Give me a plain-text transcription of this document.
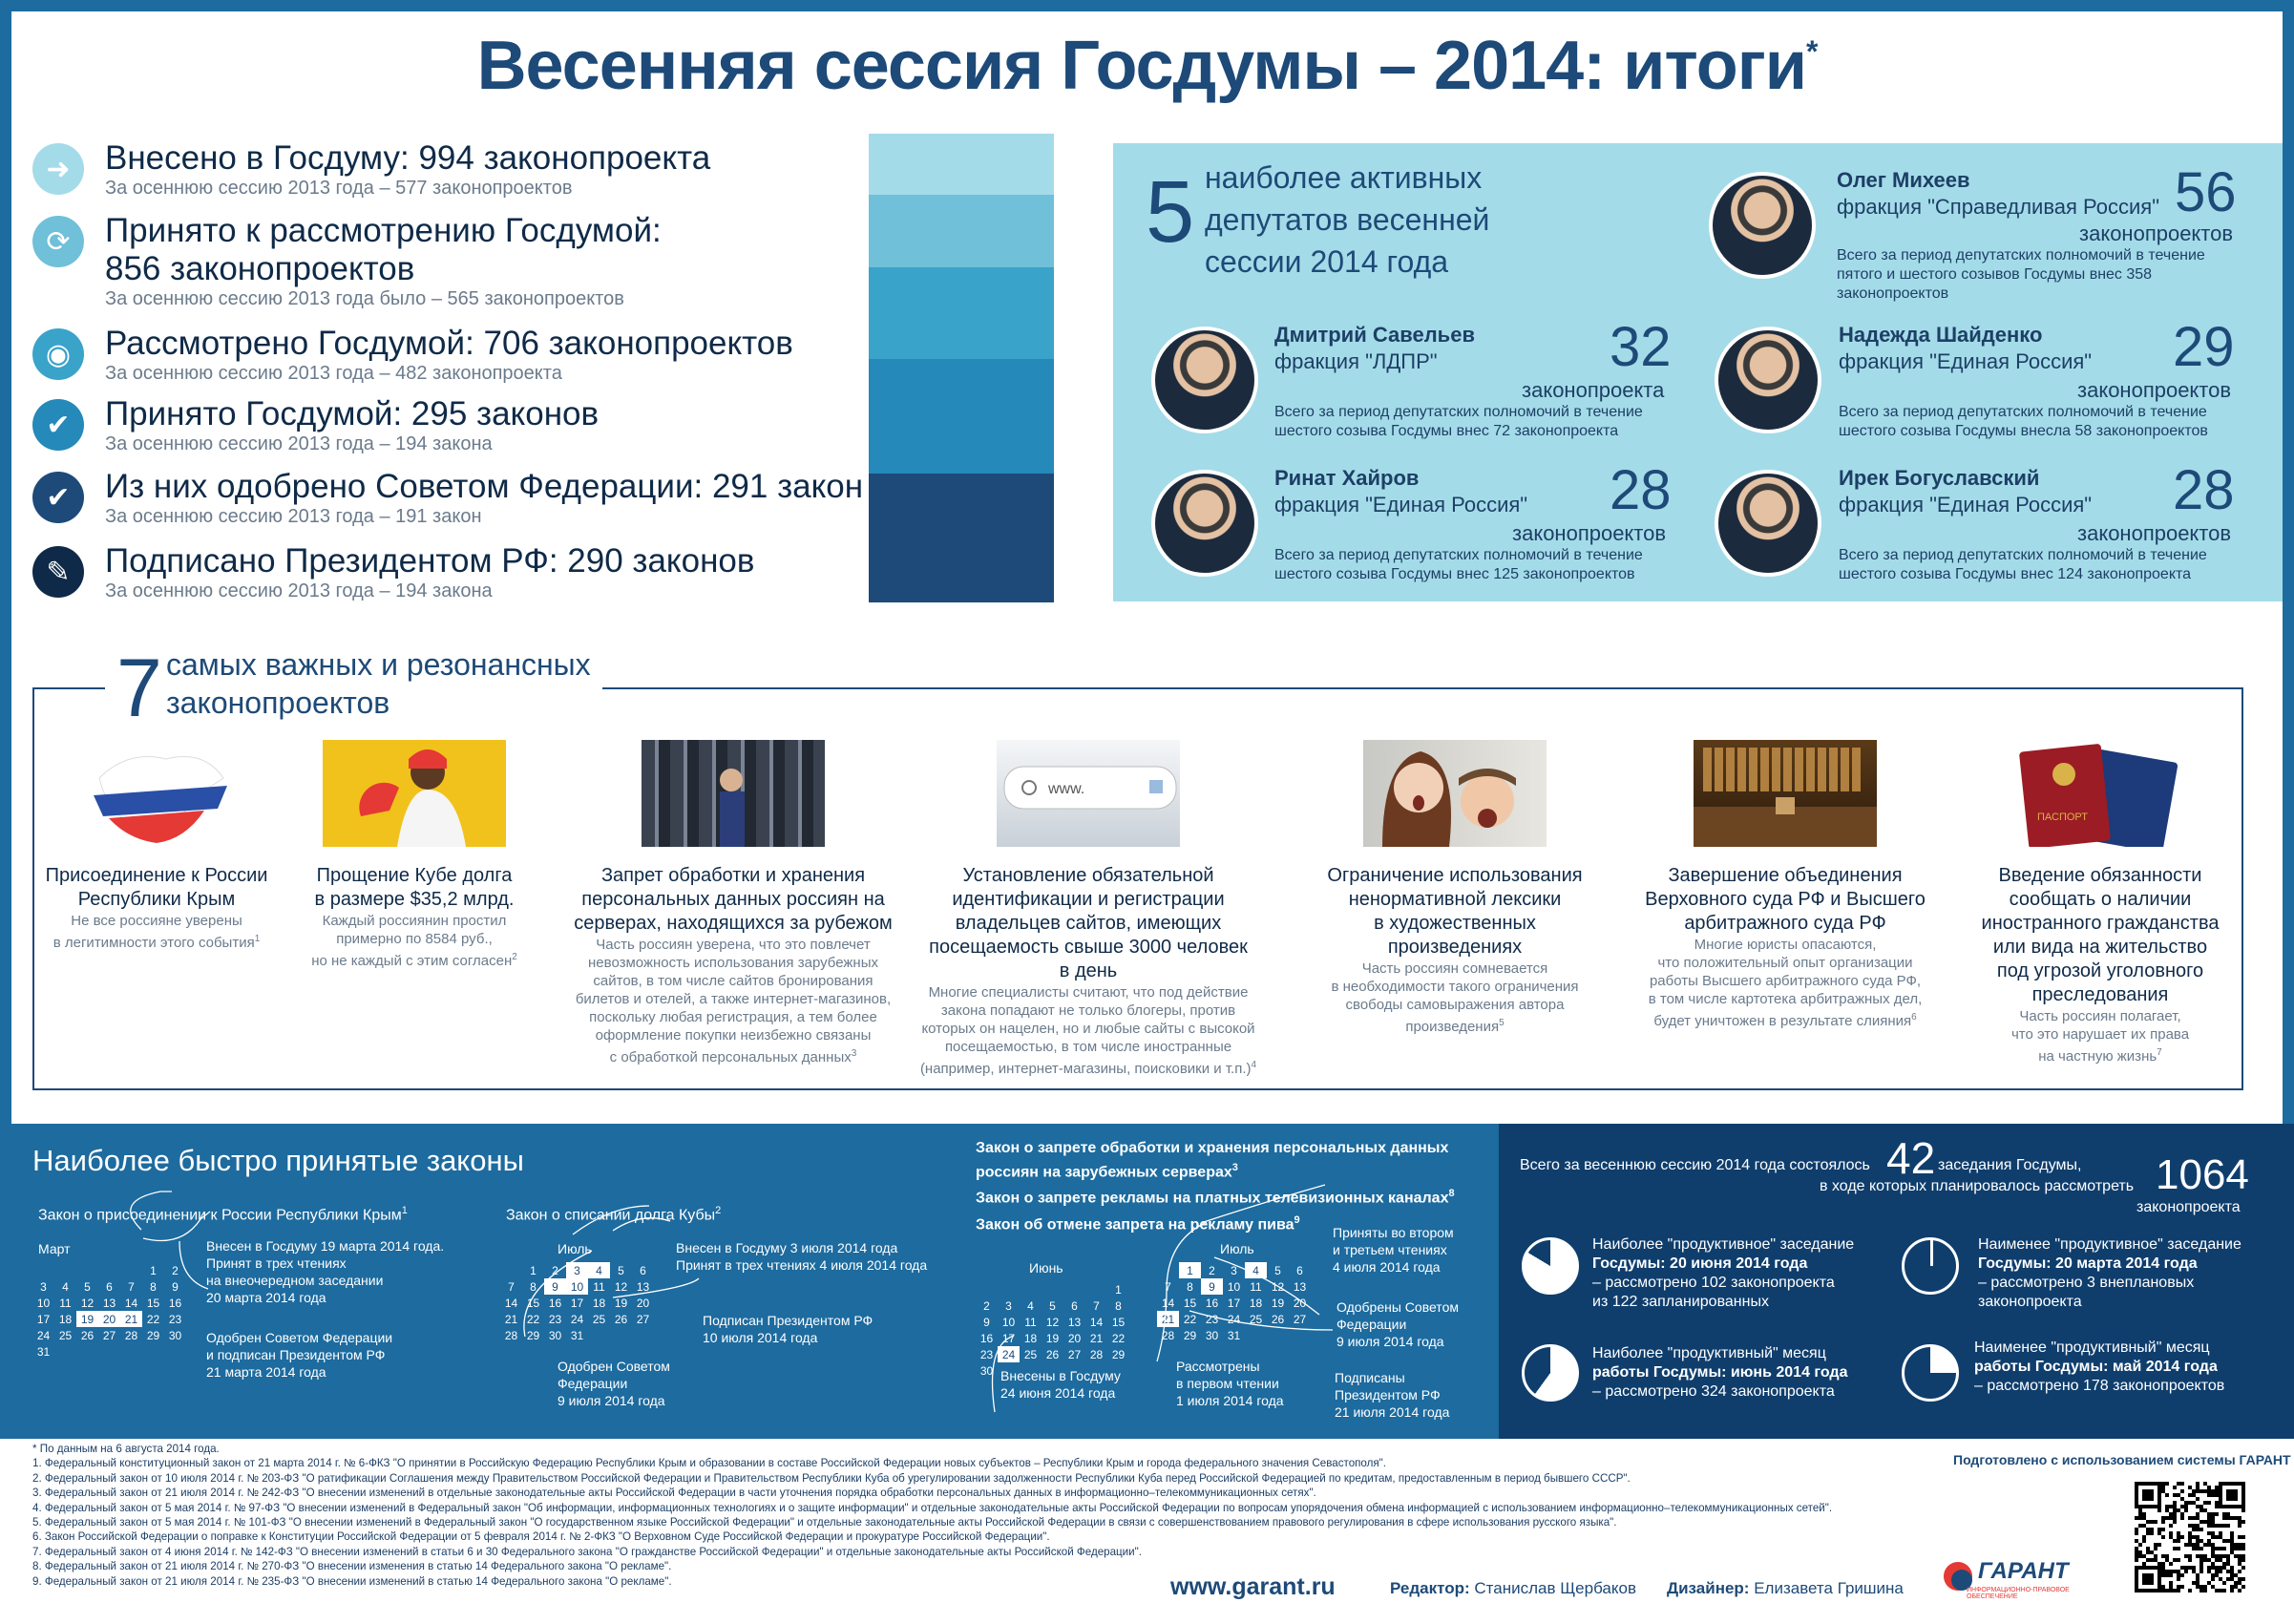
Весенняя сессия Госдумы – 2014: итоги*
➜	Внесено в Госдуму: 994 законопроекта
За осеннюю сессию 2013 года – 577 законопроектов
⟳	Принято к рассмотрению Госдумой:
856 законопроектов
За осеннюю сессию 2013 года было – 565 законопроектов
◉	Рассмотрено Госдумой: 706 законопроектов
За осеннюю сессию 2013 года – 482 законопроекта
✔	Принято Госдумой: 295 законов
За осеннюю сессию 2013 года – 194 закона
✔	Из них одобрено Советом Федерации: 291 закон
За осеннюю сессию 2013 года – 191 закон
✎	Подписано Президентом РФ: 290 законов
За осеннюю сессию 2013 года – 194 закона
5 наиболее активных
депутатов весенней
сессии 2014 года
Олег Михеев
фракция "Справедливая Россия" 56
законопроектов
Всего за период депутатских полномочий в течение
пятого и шестого созывов Госдумы внес 358
законопроектов
Дмитрий Савельев
фракция "ЛДПР"	32
законопроекта
Всего за период депутатских полномочий в течение
шестого созыва Госдумы внес 72 законопроекта
Надежда Шайденко
фракция "Единая Россия" 29
законопроектов
Всего за период депутатских полномочий в течение
шестого созыва Госдумы внесла 58 законопроектов
Ринат Хайров
фракция "Единая Россия" 28
законопроектов
Всего за период депутатских полномочий в течение
шестого созыва Госдумы внес 125 законопроектов
Ирек Богуславский
фракция "Единая Россия" 28
законопроектов
Всего за период депутатских полномочий в течение
шестого созыва Госдумы внес 124 законопроекта
7 самых важных и резонансных
законопроектов
Присоединение к России
Республики Крым
Не все россияне уверены
в легитимности этого события$^1$
Прощение Кубе долга
в размере $35,2 млрд.
Каждый россиянин простил
примерно по 8584 руб.,
но не каждый с этим согласен$^2$
Запрет обработки и хранения
персональных данных россиян на
серверах, находящихся за рубежом
Часть россиян уверена, что это повлечет
невозможность использования зарубежных
сайтов, в том числе сайтов бронирования
билетов и отелей, а также интернет-магазинов,
поскольку любая регистрация, а тем более
оформление покупки неизбежно связаны
с обработкой персональных данных$^3$
www.
Установление обязательной
идентификации и регистрации
владельцев сайтов, имеющих
посещаемость свыше 3000 человек
в день
Многие специалисты считают, что под действие
закона попадают не только блогеры, против
которых он нацелен, но и любые сайты с высокой
посещаемостью, в том числе иностранные
(например, интернет-магазины, поисковики и т.п.)$^4$
Ограничение использования
ненормативной лексики
в художественных
произведениях
Часть россиян сомневается
в необходимости такого ограничения
свободы самовыражения автора
произведения$^5$
Завершение объединения
Верховного суда РФ и Высшего
арбитражного суда РФ
Многие юристы опасаются,
что положительный опыт организации
работы Высшего арбитражного суда РФ,
в том числе картотека арбитражных дел,
будет уничтожен в результате слияния$^6$
ПАСПОРТ
Введение обязанности
сообщать о наличии
иностранного гражданства
или вида на жительство
под угрозой уголовного
преследования
Часть россиян полагает,
что это нарушает их права
на частную жизнь$^7$
Наиболее быстро принятые законы
Закон о присоединении к России Республики Крым$^1$	Закон о списании долга Кубы$^2$
Закон о запрете обработки и хранения персональных данных
россиян на зарубежных серверах$^3$
Закон о запрете рекламы на платных телевизионных каналах$^8$
Закон об отмене запрета на рекламу пива$^9$
Март
					1	2
3	4	5	6	7	8	9
10	11	12	13	14	15	16
17	18	19	20	21	22	23
24	25	26	27	28	29	30
31						
Июль
	1	2	3	4	5	6
7	8	9	10	11	12	13
14	15	16	17	18	19	20
21	22	23	24	25	26	27
28	29	30	31			
Июнь
						1
2	3	4	5	6	7	8
9	10	11	12	13	14	15
16	17	18	19	20	21	22
23	24	25	26	27	28	29
30						
Июль
	1	2	3	4	5	6
7	8	9	10	11	12	13
14	15	16	17	18	19	20
21	22	23	24	25	26	27
28	29	30	31			
Внесен в Госдуму 19 марта 2014 года.
Принят в трех чтениях
на внеочередном заседании
20 марта 2014 года
Одобрен Советом Федерации
и подписан Президентом РФ
21 марта 2014 года
Внесен в Госдуму 3 июля 2014 года
Принят в трех чтениях 4 июля 2014 года
Подписан Президентом РФ
10 июля 2014 года
Одобрен Советом
Федерации
9 июля 2014 года
Внесены в Госдуму
24 июня 2014 года
Приняты во втором
и третьем чтениях
4 июля 2014 года
Одобрены Советом
Федерации
9 июля 2014 года
Рассмотрены
в первом чтении
1 июля 2014 года
Подписаны
Президентом РФ
21 июля 2014 года
Всего за весеннюю сессию 2014 года состоялось 42 заседания Госдумы,
в ходе которых планировалось рассмотреть 1064
законопроекта
Наиболее "продуктивное" заседание
Госдумы: 20 июня 2014 года
– рассмотрено 102 законопроекта
из 122 запланированных
Наименее "продуктивное" заседание
Госдумы: 20 марта 2014 года
– рассмотрено 3 внеплановых
законопроекта
Наиболее "продуктивный" месяц
работы Госдумы: июнь 2014 года
– рассмотрено 324 законопроекта
Наименее "продуктивный" месяц
работы Госдумы: май 2014 года
– рассмотрено 178 законопроектов
* По данным на 6 августа 2014 года.
1. Федеральный конституционный закон от 21 марта 2014 г. № 6-ФКЗ "О принятии в Российскую Федерацию Республики Крым и образовании в составе Российской Федерации новых субъектов – Республики Крым и города федерального значения Севастополя".
2. Федеральный закон от 10 июля 2014 г. № 203-ФЗ "О ратификации Соглашения между Правительством Российской Федерации и Правительством Республики Куба об урегулировании задолженности Республики Куба перед Российской Федерацией по кредитам, предоставленным в период бывшего СССР".
3. Федеральный закон от 21 июля 2014 г. № 242-ФЗ "О внесении изменений в отдельные законодательные акты Российской Федерации в части уточнения порядка обработки персональных данных в информационно–телекоммуникационных сетях".
4. Федеральный закон от 5 мая 2014 г. № 97-ФЗ "О внесении изменений в Федеральный закон "Об информации, информационных технологиях и о защите информации" и отдельные законодательные акты Российской Федерации по вопросам упорядочения обмена информацией с использованием информационно–телекоммуникационных сетей".
5. Федеральный закон от 5 мая 2014 г. № 101-ФЗ "О внесении изменений в Федеральный закон "О государственном языке Российской Федерации" и отдельные законодательные акты Российской Федерации в связи с совершенствованием правового регулирования в сфере использования русского языка".
6. Закон Российской Федерации о поправке к Конституции Российской Федерации от 5 февраля 2014 г. № 2-ФКЗ "О Верховном Суде Российской Федерации и прокуратуре Российской Федерации".
7. Федеральный закон от 4 июня 2014 г. № 142-ФЗ "О внесении изменений в статьи 6 и 30 Федерального закона "О гражданстве Российской Федерации" и отдельные законодательные акты Российской Федерации".
8. Федеральный закон от 21 июля 2014 г. № 270-ФЗ "О внесении изменения в статью 14 Федерального закона "О рекламе".
9. Федеральный закон от 21 июля 2014 г. № 235-ФЗ "О внесении изменений в статью 14 Федерального закона "О рекламе".
Подготовлено с использованием системы ГАРАНТ
www.garant.ru	Редактор: Станислав Щербаков Дизайнер: Елизавета Гришина
ГАРАНТ
ИНФОРМАЦИОННО-ПРАВОВОЕ ОБЕСПЕЧЕНИЕ
